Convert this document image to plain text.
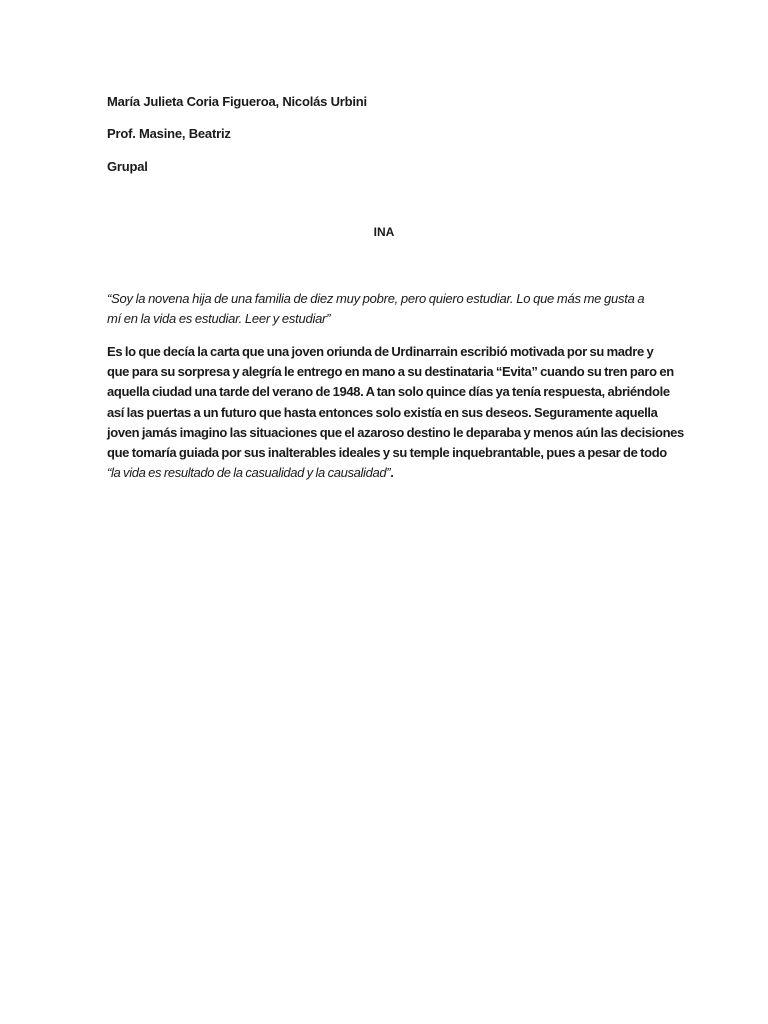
María Julieta Coria Figueroa, Nicolás Urbini
Prof. Masine, Beatriz
Grupal
INA
“Soy la novena hija de una familia de diez muy pobre, pero quiero estudiar. Lo que más me gusta a
mí en la vida es estudiar. Leer y estudiar”
Es lo que decía la carta que una joven oriunda de Urdinarrain escribió motivada por su madre y
que para su sorpresa y alegría le entrego en mano a su destinataria “Evita” cuando su tren paro en
aquella ciudad una tarde del verano de 1948. A tan solo quince días ya tenía respuesta, abriéndole
así las puertas a un futuro que hasta entonces solo existía en sus deseos. Seguramente aquella
joven jamás imagino las situaciones que el azaroso destino le deparaba y menos aún las decisiones
que tomaría guiada por sus inalterables ideales y su temple inquebrantable, pues a pesar de todo
“la vida es resultado de la casualidad y la causalidad”.
